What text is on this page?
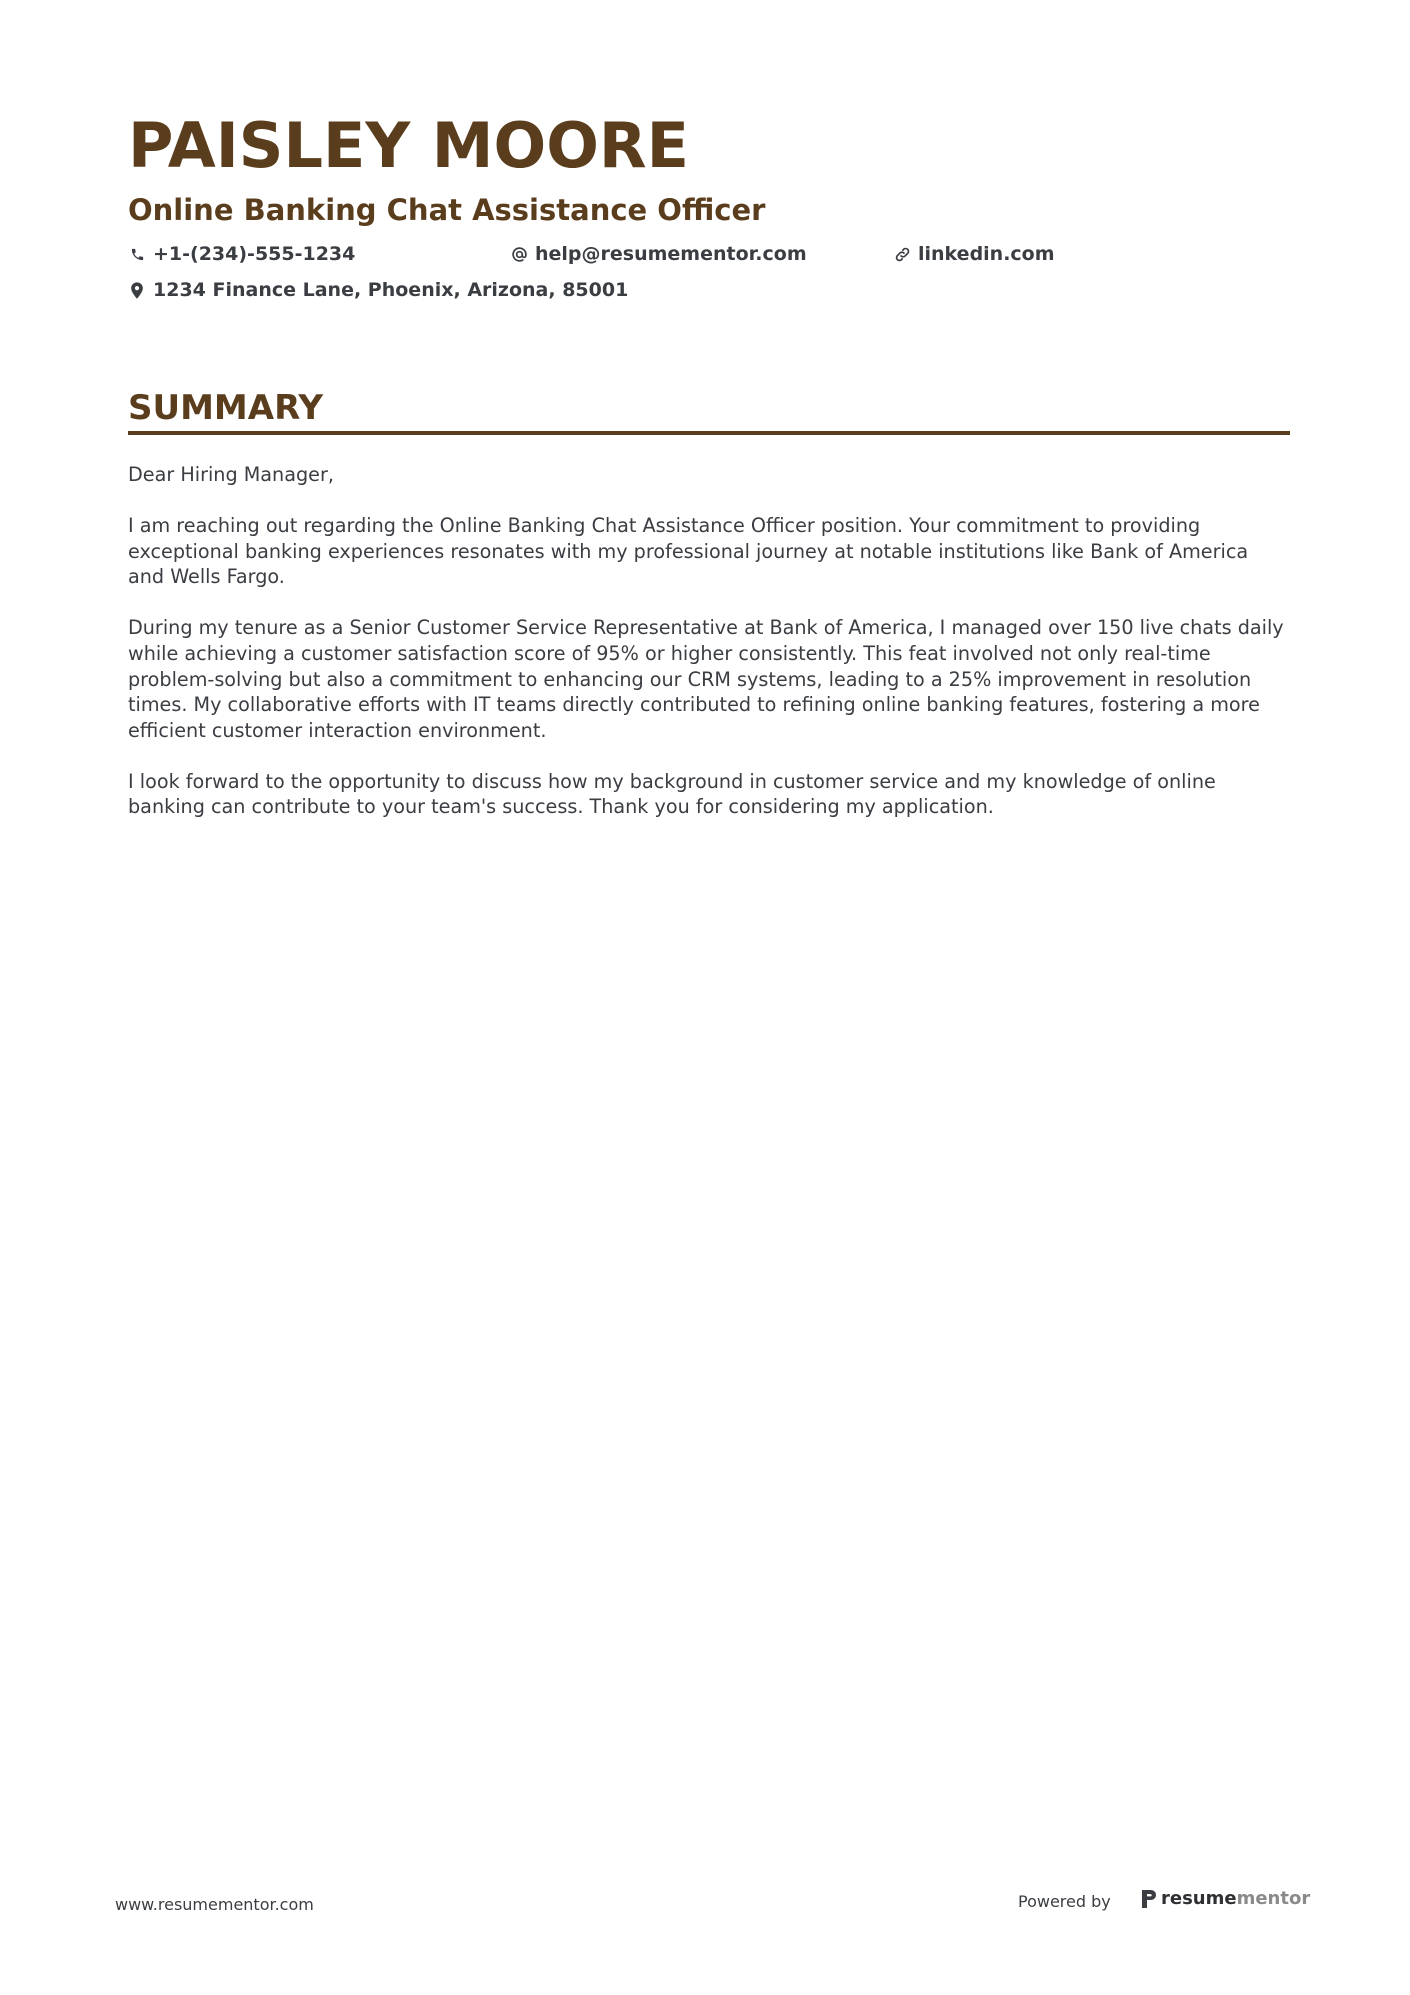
PAISLEY MOORE
Online Banking Chat Assistance Officer
+1-(234)-555-1234	help@resumementor.com	linkedin.com
1234 Finance Lane, Phoenix, Arizona, 85001
SUMMARY

Dear Hiring Manager,

I am reaching out regarding the Online Banking Chat Assistance Officer position. Your commitment to providing exceptional banking experiences resonates with my professional journey at notable institutions like Bank of America and Wells Fargo.

During my tenure as a Senior Customer Service Representative at Bank of America, I managed over 150 live chats daily while achieving a customer satisfaction score of 95% or higher consistently. This feat involved not only real-time problem-solving but also a commitment to enhancing our CRM systems, leading to a 25% improvement in resolution times. My collaborative efforts with IT teams directly contributed to refining online banking features, fostering a more efficient customer interaction environment.

I look forward to the opportunity to discuss how my background in customer service and my knowledge of online banking can contribute to your team's success. Thank you for considering my application.

www.resumementor.com	Powered by	resume mentor
